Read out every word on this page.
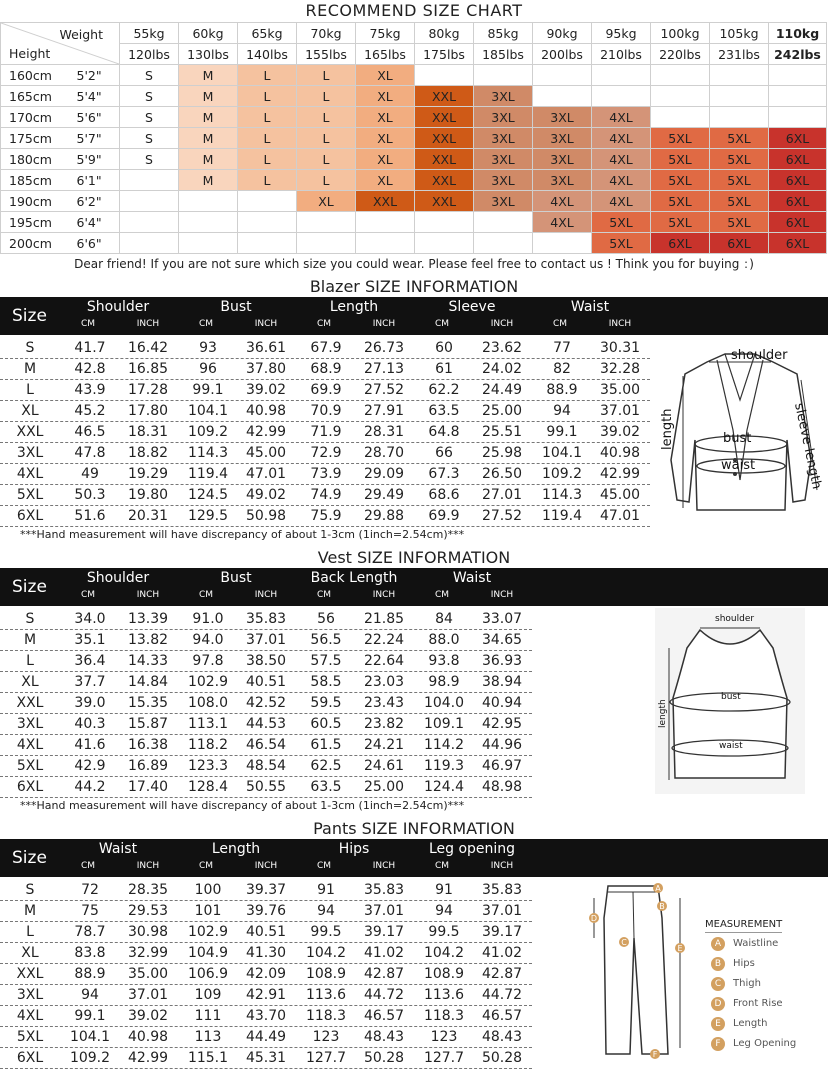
RECOMMEND SIZE CHART
Weight
Height		55kg	60kg	65kg	70kg	75kg	80kg	85kg	90kg	95kg	100kg	105kg	110kg
		120lbs	130lbs	140lbs	155lbs	165lbs	175lbs	185lbs	200lbs	210lbs	220lbs	231lbs	242lbs
160cm	5'2"	S	M	L	L	XL							
165cm	5'4"	S	M	L	L	XL	XXL	3XL					
170cm	5'6"	S	M	L	L	XL	XXL	3XL	3XL	4XL			
175cm	5'7"	S	M	L	L	XL	XXL	3XL	3XL	4XL	5XL	5XL	6XL
180cm	5'9"	S	M	L	L	XL	XXL	3XL	3XL	4XL	5XL	5XL	6XL
185cm	6'1"		M	L	L	XL	XXL	3XL	3XL	4XL	5XL	5XL	6XL
190cm	6'2"				XL	XXL	XXL	3XL	4XL	4XL	5XL	5XL	6XL
195cm	6'4"								4XL	5XL	5XL	5XL	6XL
200cm	6'6"									5XL	6XL	6XL	6XL
Dear friend! If you are not sure which size you could wear. Please feel free to contact us ! Think you for buying ：)
Blazer SIZE INFORMATION
Size	Shoulder
CM	INCH
Bust
CM	INCH
Length
CM	INCH
Sleeve
CM	INCH
Waist
CM	INCH
S	41.7	16.42	93	36.61	67.9	26.73	60	23.62	77	30.31
M	42.8	16.85	96	37.80	68.9	27.13	61	24.02	82	32.28
L	43.9	17.28	99.1	39.02	69.9	27.52	62.2	24.49	88.9	35.00
XL	45.2	17.80	104.1	40.98	70.9	27.91	63.5	25.00	94	37.01
XXL	46.5	18.31	109.2	42.99	71.9	28.31	64.8	25.51	99.1	39.02
3XL	47.8	18.82	114.3	45.00	72.9	28.70	66	25.98	104.1	40.98
4XL	49	19.29	119.4	47.01	73.9	29.09	67.3	26.50	109.2	42.99
5XL	50.3	19.80	124.5	49.02	74.9	29.49	68.6	27.01	114.3	45.00
6XL	51.6	20.31	129.5	50.98	75.9	29.88	69.9	27.52	119.4	47.01
***Hand measurement will have discrepancy of about 1-3cm (1inch=2.54cm)***
shoulder
bust
waist
length	sleeve length
Vest SIZE INFORMATION
Size	Shoulder
CM	INCH
Bust
CM	INCH
Back Length
CM	INCH
Waist
CM	INCH
S	34.0	13.39	91.0	35.83	56	21.85	84	33.07
M	35.1	13.82	94.0	37.01	56.5	22.24	88.0	34.65
L	36.4	14.33	97.8	38.50	57.5	22.64	93.8	36.93
XL	37.7	14.84	102.9	40.51	58.5	23.03	98.9	38.94
XXL	39.0	15.35	108.0	42.52	59.5	23.43	104.0	40.94
3XL	40.3	15.87	113.1	44.53	60.5	23.82	109.1	42.95
4XL	41.6	16.38	118.2	46.54	61.5	24.21	114.2	44.96
5XL	42.9	16.89	123.3	48.54	62.5	24.61	119.3	46.97
6XL	44.2	17.40	128.4	50.55	63.5	25.00	124.4	48.98
***Hand measurement will have discrepancy of about 1-3cm (1inch=2.54cm)***
shoulder
bust
waist
length
Pants SIZE INFORMATION
Size	Waist
CM	INCH
Length
CM	INCH
Hips
CM	INCH
Leg opening
CM	INCH
S	72	28.35	100	39.37	91	35.83	91	35.83
M	75	29.53	101	39.76	94	37.01	94	37.01
L	78.7	30.98	102.9	40.51	99.5	39.17	99.5	39.17
XL	83.8	32.99	104.9	41.30	104.2	41.02	104.2	41.02
XXL	88.9	35.00	106.9	42.09	108.9	42.87	108.9	42.87
3XL	94	37.01	109	42.91	113.6	44.72	113.6	44.72
4XL	99.1	39.02	111	43.70	118.3	46.57	118.3	46.57
5XL	104.1	40.98	113	44.49	123	48.43	123	48.43
6XL	109.2	42.99	115.1	45.31	127.7	50.28	127.7	50.28
A
B
C
D
E
F
MEASUREMENT
A	Waistline
B	Hips
C	Thigh
D	Front Rise
E	Length
F	Leg Opening
